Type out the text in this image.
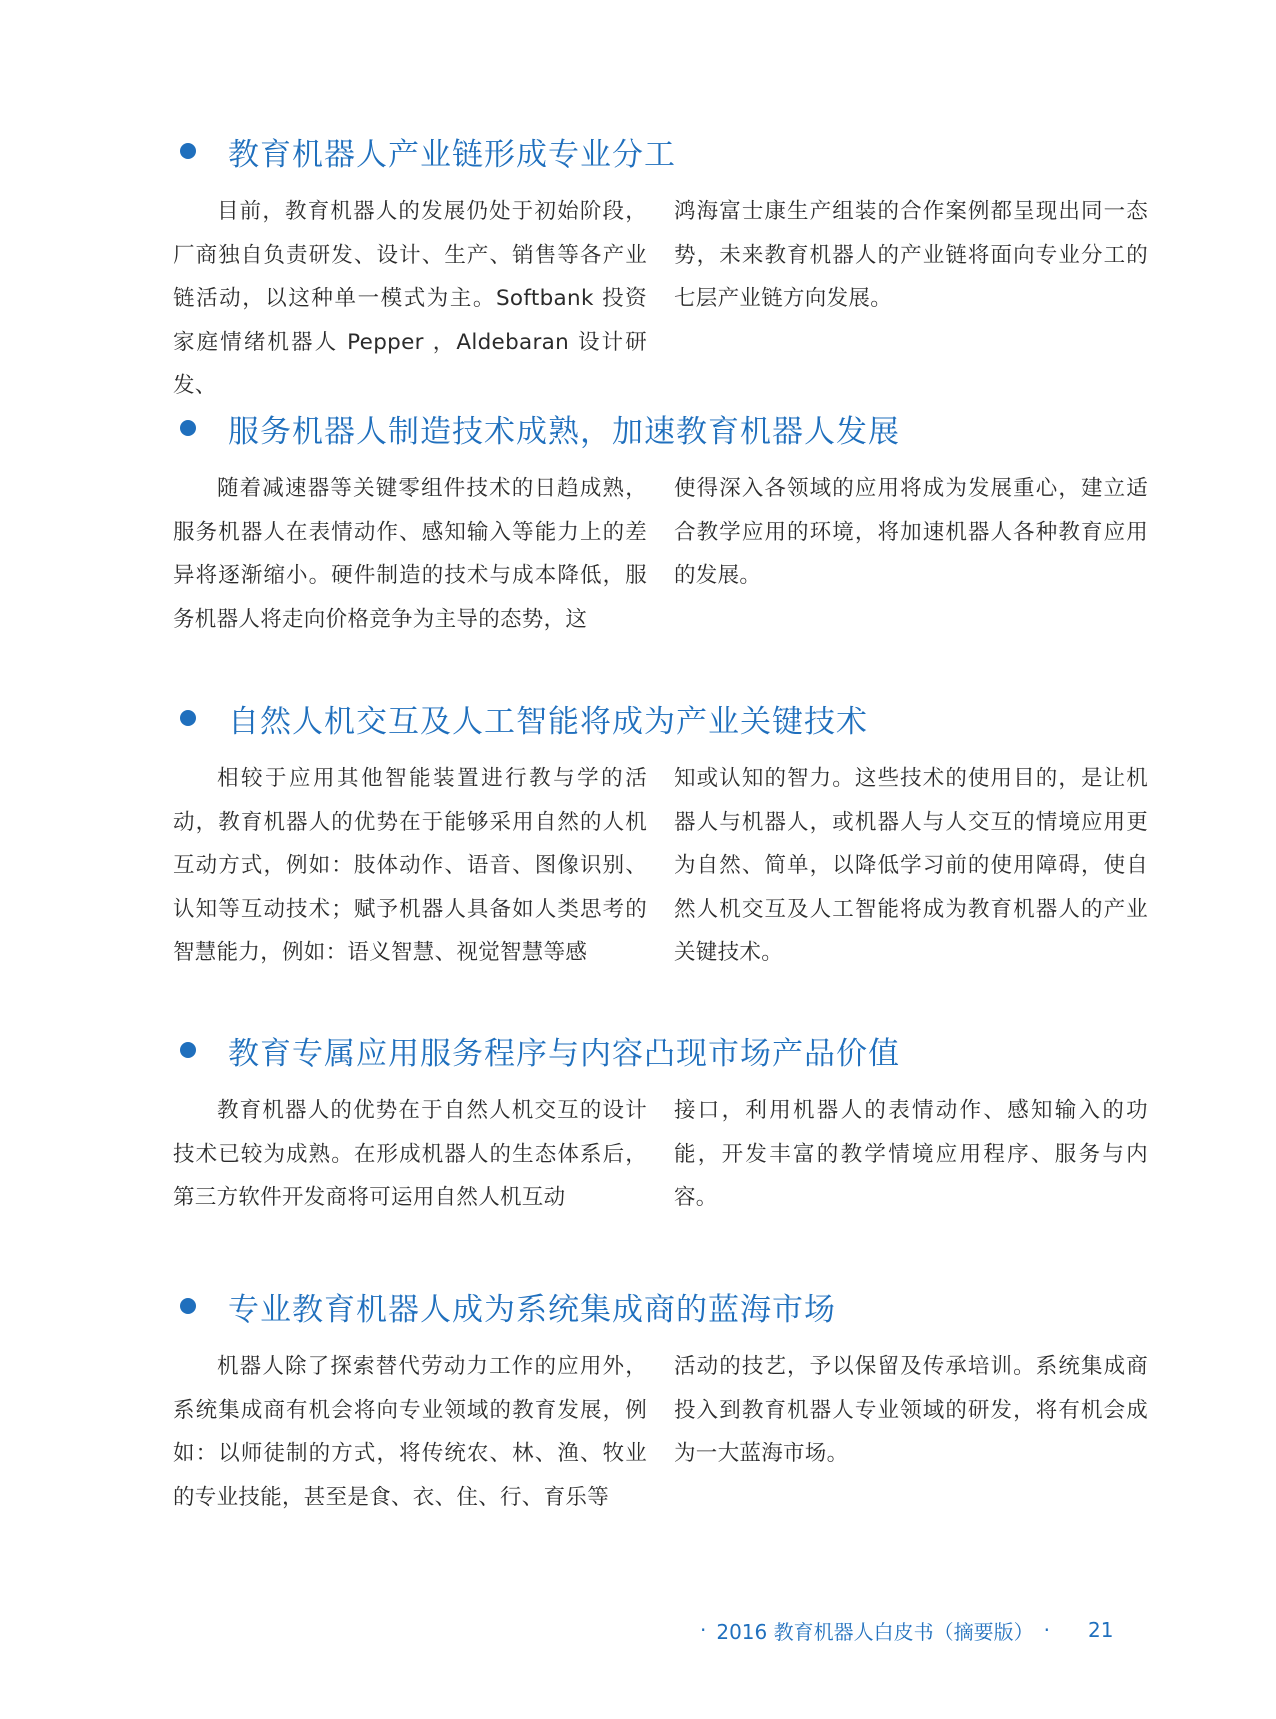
教育机器人产业链形成专业分工
目前，教育机器人的发展仍处于初始阶段，厂商独自负责研发、设计、生产、销售等各产业链活动，以这种单一模式为主。Softbank 投资家庭情绪机器人 Pepper ，Aldebaran 设计研发、
鸿海富士康生产组装的合作案例都呈现出同一态势，未来教育机器人的产业链将面向专业分工的七层产业链方向发展。
服务机器人制造技术成熟，加速教育机器人发展
随着减速器等关键零组件技术的日趋成熟，服务机器人在表情动作、感知输入等能力上的差异将逐渐缩小。硬件制造的技术与成本降低，服务机器人将走向价格竞争为主导的态势，这
使得深入各领域的应用将成为发展重心，建立适合教学应用的环境，将加速机器人各种教育应用的发展。
自然人机交互及人工智能将成为产业关键技术
相较于应用其他智能装置进行教与学的活动，教育机器人的优势在于能够采用自然的人机互动方式，例如：肢体动作、语音、图像识别、认知等互动技术；赋予机器人具备如人类思考的智慧能力，例如：语义智慧、视觉智慧等感
知或认知的智力。这些技术的使用目的，是让机器人与机器人，或机器人与人交互的情境应用更为自然、简单，以降低学习前的使用障碍，使自然人机交互及人工智能将成为教育机器人的产业关键技术。
教育专属应用服务程序与内容凸现市场产品价值
教育机器人的优势在于自然人机交互的设计技术已较为成熟。在形成机器人的生态体系后，第三方软件开发商将可运用自然人机互动
接口，利用机器人的表情动作、感知输入的功能，开发丰富的教学情境应用程序、服务与内容。
专业教育机器人成为系统集成商的蓝海市场
机器人除了探索替代劳动力工作的应用外，系统集成商有机会将向专业领域的教育发展，例如：以师徒制的方式，将传统农、林、渔、牧业的专业技能，甚至是食、衣、住、行、育乐等
活动的技艺，予以保留及传承培训。系统集成商投入到教育机器人专业领域的研发，将有机会成为一大蓝海市场。
· 2016 教育机器人白皮书（摘要版） · 21
